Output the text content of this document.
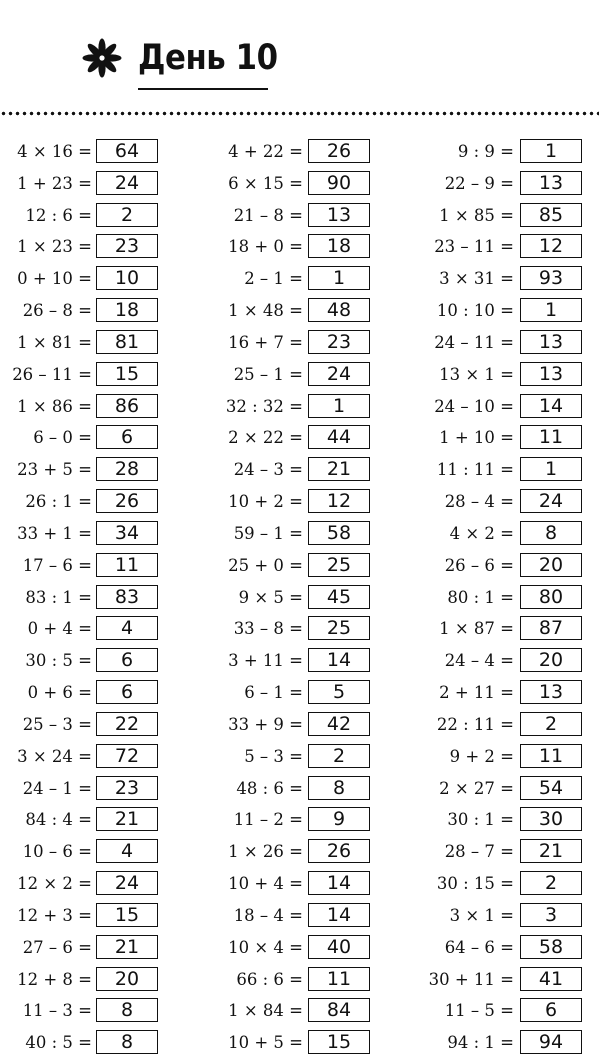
День 10
4 × 16 =	64
1 + 23 =	24
12 : 6 =	2
1 × 23 =	23
0 + 10 =	10
26 – 8 =	18
1 × 81 =	81
26 – 11 =	15
1 × 86 =	86
6 – 0 =	6
23 + 5 =	28
26 : 1 =	26
33 + 1 =	34
17 – 6 =	11
83 : 1 =	83
0 + 4 =	4
30 : 5 =	6
0 + 6 =	6
25 – 3 =	22
3 × 24 =	72
24 – 1 =	23
84 : 4 =	21
10 – 6 =	4
12 × 2 =	24
12 + 3 =	15
27 – 6 =	21
12 + 8 =	20
11 – 3 =	8
40 : 5 =	8
4 + 22 =	26
6 × 15 =	90
21 – 8 =	13
18 + 0 =	18
2 – 1 =	1
1 × 48 =	48
16 + 7 =	23
25 – 1 =	24
32 : 32 =	1
2 × 22 =	44
24 – 3 =	21
10 + 2 =	12
59 – 1 =	58
25 + 0 =	25
9 × 5 =	45
33 – 8 =	25
3 + 11 =	14
6 – 1 =	5
33 + 9 =	42
5 – 3 =	2
48 : 6 =	8
11 – 2 =	9
1 × 26 =	26
10 + 4 =	14
18 – 4 =	14
10 × 4 =	40
66 : 6 =	11
1 × 84 =	84
10 + 5 =	15
9 : 9 =	1
22 – 9 =	13
1 × 85 =	85
23 – 11 =	12
3 × 31 =	93
10 : 10 =	1
24 – 11 =	13
13 × 1 =	13
24 – 10 =	14
1 + 10 =	11
11 : 11 =	1
28 – 4 =	24
4 × 2 =	8
26 – 6 =	20
80 : 1 =	80
1 × 87 =	87
24 – 4 =	20
2 + 11 =	13
22 : 11 =	2
9 + 2 =	11
2 × 27 =	54
30 : 1 =	30
28 – 7 =	21
30 : 15 =	2
3 × 1 =	3
64 – 6 =	58
30 + 11 =	41
11 – 5 =	6
94 : 1 =	94
